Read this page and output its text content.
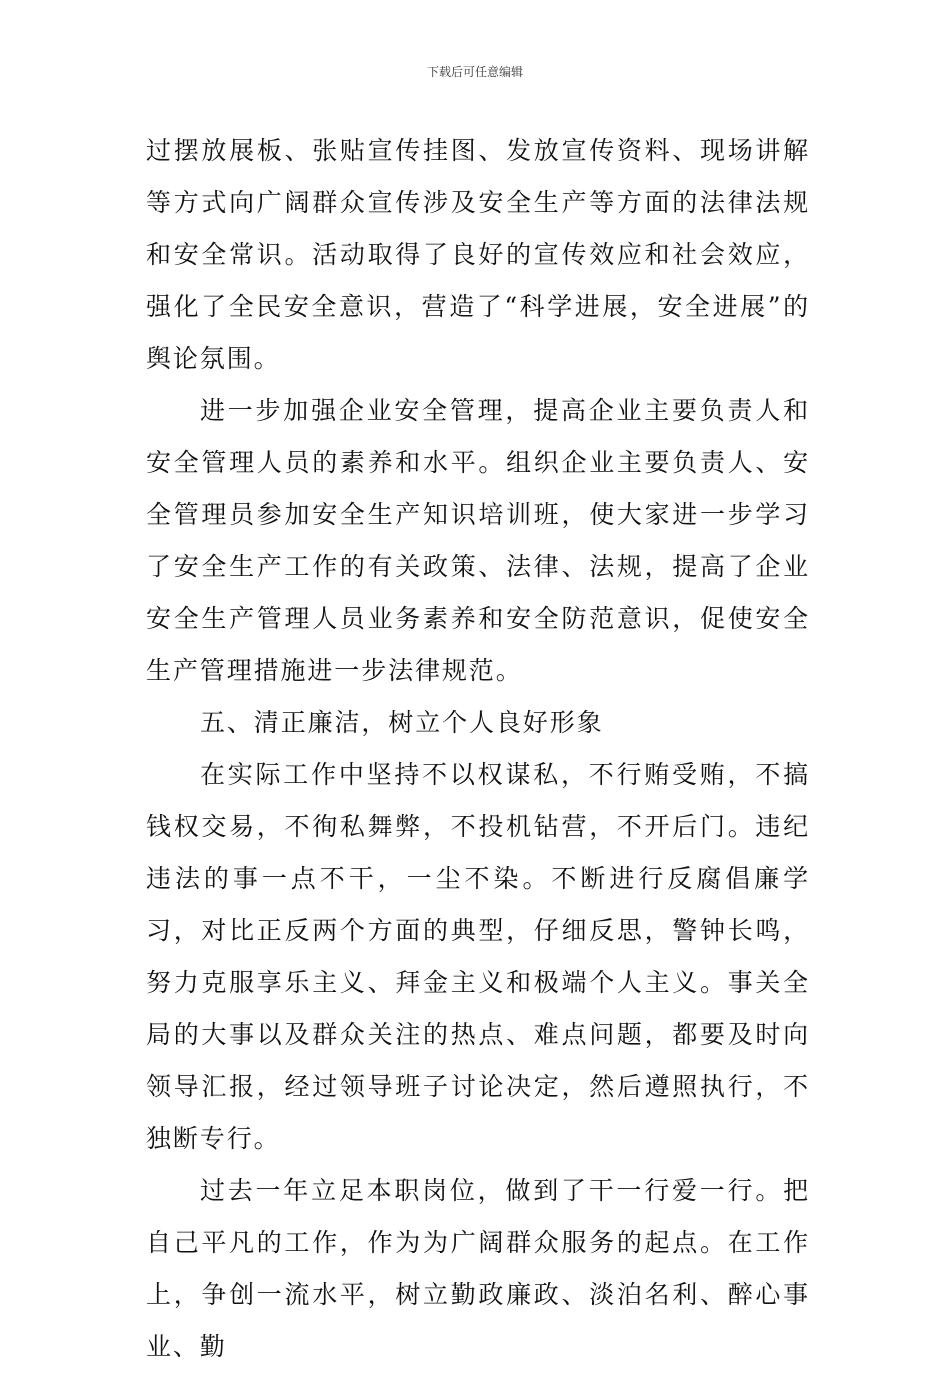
下载后可任意编辑

过摆放展板、张贴宣传挂图、发放宣传资料、现场讲解等方式向广阔群众宣传涉及安全生产等方面的法律法规和安全常识。活动取得了良好的宣传效应和社会效应，强化了全民安全意识，营造了“科学进展，安全进展”的舆论氛围。

进一步加强企业安全管理，提高企业主要负责人和安全管理人员的素养和水平。组织企业主要负责人、安全管理员参加安全生产知识培训班，使大家进一步学习了安全生产工作的有关政策、法律、法规，提高了企业安全生产管理人员业务素养和安全防范意识，促使安全生产管理措施进一步法律规范。

五、清正廉洁，树立个人良好形象

在实际工作中坚持不以权谋私，不行贿受贿，不搞钱权交易，不徇私舞弊，不投机钻营，不开后门。违纪违法的事一点不干，一尘不染。不断进行反腐倡廉学习，对比正反两个方面的典型，仔细反思，警钟长鸣，努力克服享乐主义、拜金主义和极端个人主义。事关全局的大事以及群众关注的热点、难点问题，都要及时向领导汇报，经过领导班子讨论决定，然后遵照执行，不独断专行。

过去一年立足本职岗位，做到了干一行爱一行。把自己平凡的工作，作为为广阔群众服务的起点。在工作上，争创一流水平，树立勤政廉政、淡泊名利、醉心事业、勤
